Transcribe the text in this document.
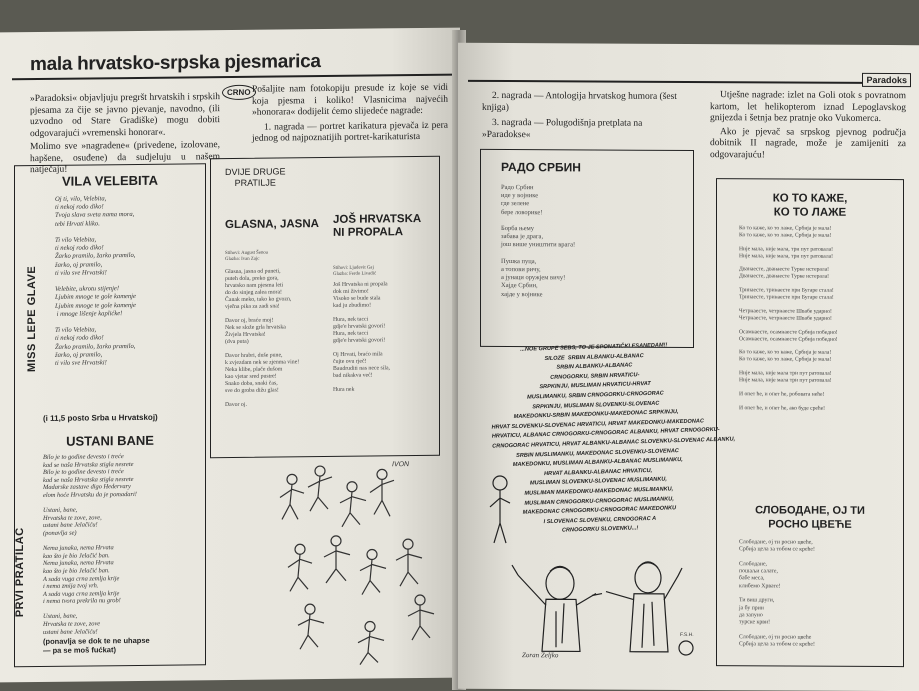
mala hrvatsko-srpska pjesmarica
CRNO
»Paradoksi« objavljuju pregršt hrvatskih i srpskih pjesama za čije se javno pjevanje, navodno, (ili uzvodno od Stare Gradiške) mogu dobiti odgovarajući »vremenski honorar«.
Molimo sve »nagradene« (privedene, izolovane, hapšene, osuđene) da sudjeluju u našem natječaju!
Pošaljite nam fotokopiju presude iz koje se vidi koja pjesma i koliko! Vlasnicima najvećih »honorara« dodijelit ćemo slijedeće nagrade:
1. nagrada — portret karikatura pjevača iz pera jednog od najpoznatijih portret-karikaturista
VILA VELEBITA
Oj ti, vilo, Velebita,
ti nekoj rodo diko!
Tvoja slava sveta nama mora,
tebi Hrvati kliko.

Ti vilo Velebita,
ti nekoj rodo diko!
Žarko pramilo, žarko pramilo,
žarko, oj pramilo,
ti vilo sve Hrvatski!

Velebite, ukrotu stijenje!
Ljubim mnoge te gole kamenje
Ljubim mnoge te gole kamenje
i mnoge lišenje kaplićke!

Ti vilo Velebita,
ti nekoj rodo diko!
Žarko pramilo, žarko pramilo,
žarko, oj pramilo,
ti vilo sve Hrvatski!
(i 11,5 posto Srba u Hrvatskoj)
USTANI BANE
Bilo je to godine devesto i treće
kad se naša Hrvatska stigla nesrete
Bilo je to godine devesto i treće
kad se naša Hrvatska stigla nesrete
Madarske zastave digo Hedervary
elom hoće Hrvatsku da je pomadari!

Ustani, bane,
Hrvatska te zove, zove,
ustani bane Jelačiću!
(ponavlja se)

Nema junaka, nema Hrvata
kao što je bio Jelačić ban.
Nema junaka, nema Hrvata
kao što je bio Jelačić ban.
A sada vuga crna zemlja krije
i nema zmija tvoj vrh.
A sada vuga crna zemlja krije
i nema tvora prekrila nu grob!

Ustani, bane,
Hrvatska te zove, zove
ustani bane Jelačiću!
(ponavlja se dok te ne uhapse
— pa se moš fućkat)
MISS LEPE GLAVE
PRVI PRATILAC
DVIJE DRUGE
PRATILJE
GLASNA, JASNA
Stihovi: August Šenoa
Glazba: Ivan Zajc
Glasna, jasna od puneti,
puteh dola, preko gora,
hrvatsko nam pjesma leti
do do sinjeg zalea mora!
Čanak meko, tako ko gvozn,
vjeřna pika za zadi sna!

Davor oj, braće moj!
Nek se slože grla hrvatska
Živjela Hrvatska!
(dva puta)

Davor hrabri, duše pune,
k zvjezdam nek se zjenma vine!
Neka klibe, plače dušom
kao vjetar sred pustre!
Snako doba, snaki čas,
sve do groba dižu glas!

Davor oj.
JOŠ HRVATSKA NI PROPALA
Stihovi: Ljudevit Gaj
Glazba: Ferdo Livadić
Još Hrvatska ni propala
dok mi živimo!
Visoko se bude stala
kad ju zbudimo!

Hura, nek tacci
gdje'e hrvatski govori!
Hura, nek tacci
gdje'e hrvatski govori!

Oj Hrvati, braćo mila
čujte ovu rječ!
Baudruditi nas nece sila,
bad nikakva već!

Hura nek
IVON
Paradoks
2. nagrada — Antologija hrvatskog humora (šest knjiga)
3. nagrada — Polugodišnja pretplata na »Paradokse«
Utješne nagrade: izlet na Goli otok s povratnom kartom, let helikopterom iznad Lepoglavskog gnijezda i šetnja bez pratnje oko Vukomerca.
Ako je pjevač sa srpskog pjevnog područja dobitnik II nagrade, može je zamijeniti za odgovarajuću!
РАДО СРБИН
Радо Србин
иде у војнике
где зелене
бере ловорике!

Борба њему
забава је драга,
још више уништити врага!

Пушка пуца,
а топови ричу,
а јунаци оружјем вичу!
Хајде Србин,
хајде у војнике
КО ТО КАЖЕ,
КО ТО ЛАЖЕ
Ко то каже, ко то лаже, Србија је мала!
Ко то каже, ко то лаже, Србија је мала!

Није мала, није мала, три пут ратовала!
Није мала, није мала, три пут ратовала!

Дванаесте, дванаесте Турке истерала!
Дванаесте, дванаесте Турке истерала!

Тринаесте, тринаесте при Бугаре стала!
Тринаесте, тринаесте при Бугаре стала!

Четрнаесте, четрнаесте Швабе ударио!
Четрнаесте, четрнаесте Швабе ударио!

Осамнаесте, осамнаесте Србија победио!
Осамнаесте, осамнаесте Србија победио!

Ко то каже, ко то каже, Србија је мала!
Ко то каже, ко то лаже, Србија је мала!

Није мала, није мала три пут ратовала!
Није мала, није мала три пут ратовала!

И опет ће, и опет ће, робовата неће!

И опет ће, и опет ће, ако буде среће!
СЛОБОДАНЕ, ОЈ ТИ
РОСНО ЦВЕЋЕ
Слободане, ој ти росно цвеће,
Србија цела за тобом се креће!

Слободане,
пошаљи салате,
бабе меса,
клибемо Хрвате!

Ти виш други,
ја бу прин
да запуно
турске крви!

Слободане, ој ти росно цвеће
Србија цела за тобом се креће!
...NOE GRUPE SEBS, TO JE SPONATIČKI ESANEDAM!!
SILOZE  SRBIN ALBANKU-ALBANAC
SRBIN ALBANKU-ALBANAC
CRNOGORKU, SRBIN HRVATICU-
SRPKINJU, MUSLIMAN HRVATICU-HRVAT
MUSLIMANKU, SRBIN CRNOGORKU-CRNOGORAC
SRPKINJU, MUSLIMAN SLOVENKU-SLOVENAC
MAKEDONKU-SRBIN MAKEDONKU-MAKEDONAC SRPKINJU,
HRVAT SLOVENKU-SLOVENAC HRVATICU, HRVAT MAKEDONKU-MAKEDONAC
HRVATICU, ALBANAC CRNOGORKU-CRNOGORAC ALBANKU, HRVAT CRNOGORKU-
CRNOGORAC HRVATICU, HRVAT ALBANKU-ALBANAC SLOVENKU-SLOVENAC ALBANKU,
SRBIN MUSLIMANKU, MAKEDONAC SLOVENKU-SLOVENAC
MAKEDONKU, MUSLIMAN ALBANKU-ALBANAC MUSLIMANKU,
HRVAT ALBANKU-ALBANAC HRVATICU,
MUSLIMAN SLOVENKU-SLOVENAC MUSLIMANKU,
MUSLIMAN MAKEDONKU-MAKEDONAC MUSLIMANKU,
MUSLIMAN CRNOGORKU-CRNOGORAC MUSLIMANKU,
MAKEDONAC CRNOGORKU-CRNOGORAC MAKEDONKU
I SLOVENAC SLOVENKU, CRNOGORAC A
CRNOGORKU SLOVENKU...!
Zoran Zeljko
F.S.H.
